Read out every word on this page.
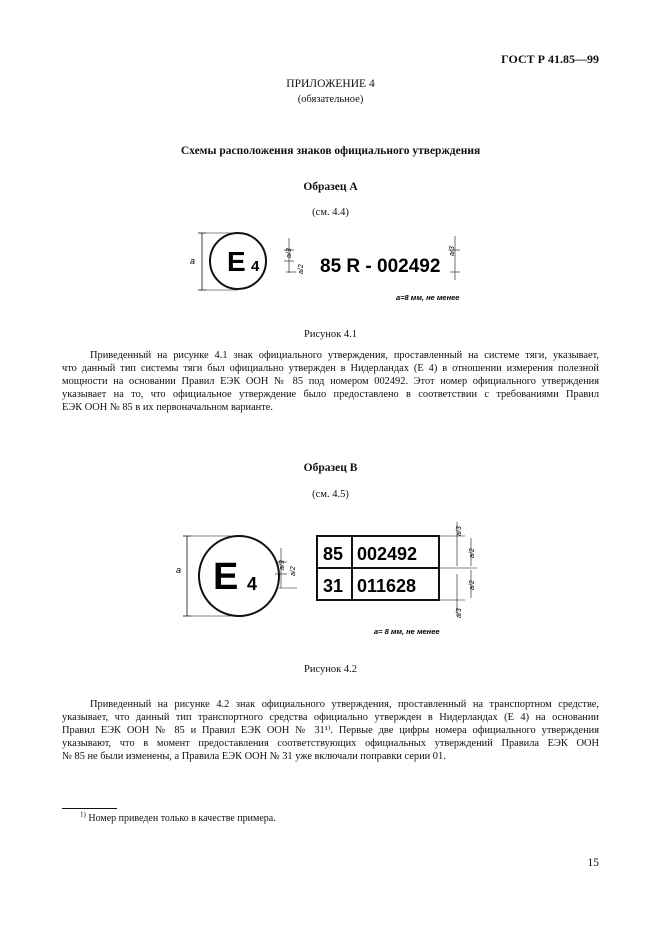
ГОСТ Р 41.85—99
ПРИЛОЖЕНИЕ 4
(обязательное)
Схемы расположения знаков официального утверждения
Образец А
(см. 4.4)
a E 4
a/3
a/2 85 R - 002492
a/3
a=8 мм, не менее
Рисунок 4.1
Приведенный на рисунке 4.1 знак официального утверждения, проставленный на системе тяги, указывает,
что данный тип системы тяги был официально утвержден в Нидерландах (E 4) в отношении измерения полезной
мощности на основании Правил ЕЭК ООН № 85 под номером 002492. Этот номер официального утверждения
указывает на то, что официальное утверждение было предоставлено в соответствии с требованиями Правил
ЕЭК ООН № 85 в их первоначальном варианте.
Образец В
(см. 4.5)
a E 4
a/3
a/2
85 002492
31 011628
a/3
a/2
a/2
a/3
a= 8 мм, не менее
Рисунок 4.2
Приведенный на рисунке 4.2 знак официального утверждения, проставленный на транспортном средстве,
указывает, что данный тип транспортного средства официально утвержден в Нидерландах (E 4) на основании
Правил ЕЭК ООН № 85 и Правил ЕЭК ООН № 31¹⁾. Первые две цифры номера официального утверждения
указывают, что в момент предоставления соответствующих официальных утверждений Правила ЕЭК ООН
№ 85 не были изменены, а Правила ЕЭК ООН № 31 уже включали поправки серии 01.
$^{1)}$ Номер приведен только в качестве примера.
15
